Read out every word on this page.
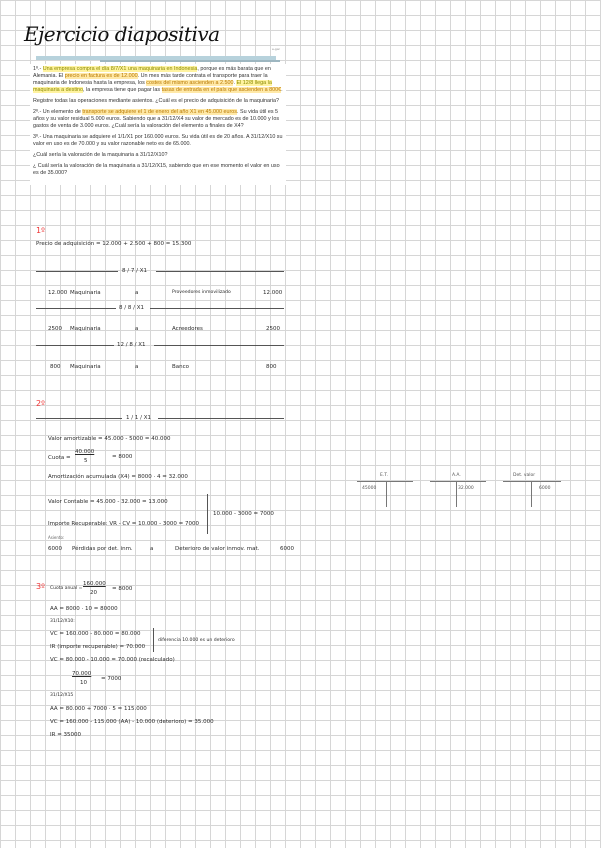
Ejercicio diapositiva
e-gar

1º.- Una empresa compra el día 8/7/X1 una maquinaria en Indonesia, porque es más barata que en Alemania. El precio en factura es de 12.000. Un mes más tarde contrata el transporte para traer la maquinaria de Indonesia hasta la empresa, los costes del mismo ascienden a 2.500. El 12/8 llega la maquinaria a destino, la empresa tiene que pagar las tasas de entrada en el país que ascienden a 800€.

Registre todas las operaciones mediante asientos. ¿Cuál es el precio de adquisición de la maquinaria?

2º.- Un elemento de transporte se adquiere el 1 de enero del año X1 en 45.000 euros. Su vida útil es 5 años y su valor residual 5.000 euros. Sabiendo que a 31/12/X4 su valor de mercado es de 10.000 y los gastos de venta de 3.000 euros. ¿Cuál sería la valoración del elemento a finales de X4?

3º.- Una maquinaria se adquiere el 1/1/X1 por 160.000 euros. Su vida útil es de 20 años. A 31/12/X10 su valor en uso es de 70.000 y su valor razonable neto es de 65.000.

¿Cuál sería la valoración de la maquinaria a 31/12/X10?

¿ Cuál sería la valoración de la maquinaria a 31/12/X15, sabiendo que en ese momento el valor en uso es de 35.000?

1º
Precio de adquisición = 12.000 + 2.500 + 800 = 15.300
8 / 7 / X1
12.000 Maquinaria	a	Proveedores inmovilizado	12.000
8 / 8 / X1
2500 Maquinaria	a	Acreedores	2500
12 / 8 / X1
800 Maquinaria	a	Banco	800
2º
1 / 1 / X1
Valor amortizable = 45.000 - 5000 = 40.000
Cuota =
40.000
5
= 8000
Amortización acumulada (X4) = 8000 · 4 = 32.000
Valor Contable = 45.000 - 32.000 = 13.000
10.000 - 3000 = 7000
Importe Recuperable: VR - CV = 10.000 - 3000 = 7000
Asiento:
6000 Pérdidas por det. inm.	a	Deterioro de valor inmov. mat.	6000
E.T.
45000
A.A.
32.000
Det. valor
6000
3º Cuota anual =
160.000
20
= 8000
AA = 8000 · 10 = 80000
31/12/X10:
VC = 160.000 - 80.000 = 80.000
IR (importe recuperable) = 70.000
diferencia 10.000 es un deterioro
VC = 80.000 - 10.000 = 70.000 (recalculado)
70.000
10
= 7000
31/12/X15
AA = 80.000 + 7000 · 5 = 115.000
VC = 160.000 - 115.000 (AA) - 10.000 (deterioro) = 35.000
IR = 35000
